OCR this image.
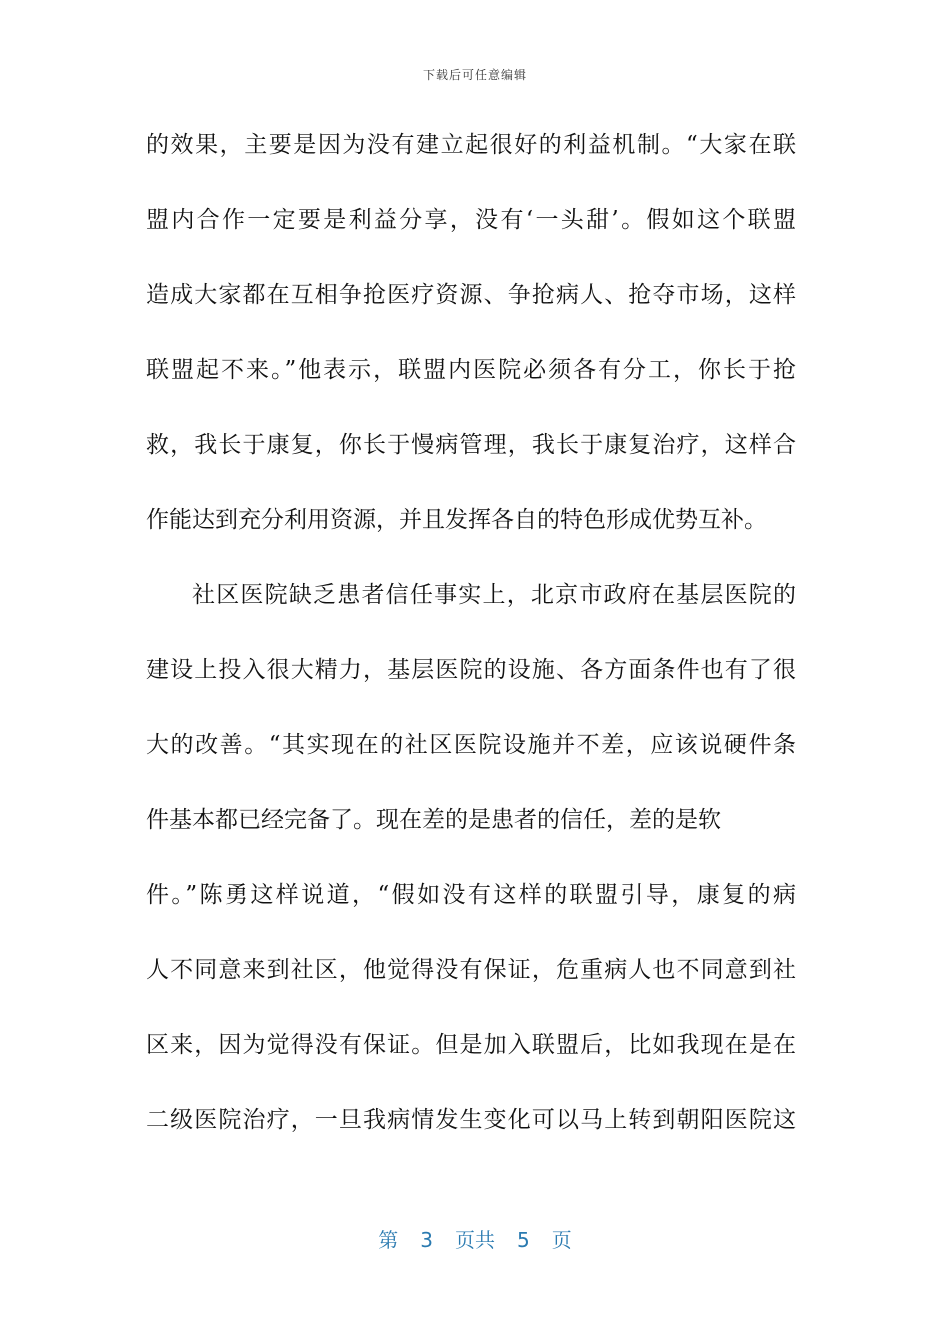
下载后可任意编辑
的效果，主要是因为没有建立起很好的利益机制。“大家在联
盟内合作一定要是利益分享，没有‘一头甜’。假如这个联盟
造成大家都在互相争抢医疗资源、争抢病人、抢夺市场，这样
联盟起不来。”他表示，联盟内医院必须各有分工，你长于抢
救，我长于康复，你长于慢病管理，我长于康复治疗，这样合
作能达到充分利用资源，并且发挥各自的特色形成优势互补。
社区医院缺乏患者信任事实上，北京市政府在基层医院的
建设上投入很大精力，基层医院的设施、各方面条件也有了很
大的改善。“其实现在的社区医院设施并不差，应该说硬件条
件基本都已经完备了。现在差的是患者的信任，差的是软
件。”陈勇这样说道，“假如没有这样的联盟引导，康复的病
人不同意来到社区，他觉得没有保证，危重病人也不同意到社
区来，因为觉得没有保证。但是加入联盟后，比如我现在是在
二级医院治疗，一旦我病情发生变化可以马上转到朝阳医院这
第 3 页共 5 页
